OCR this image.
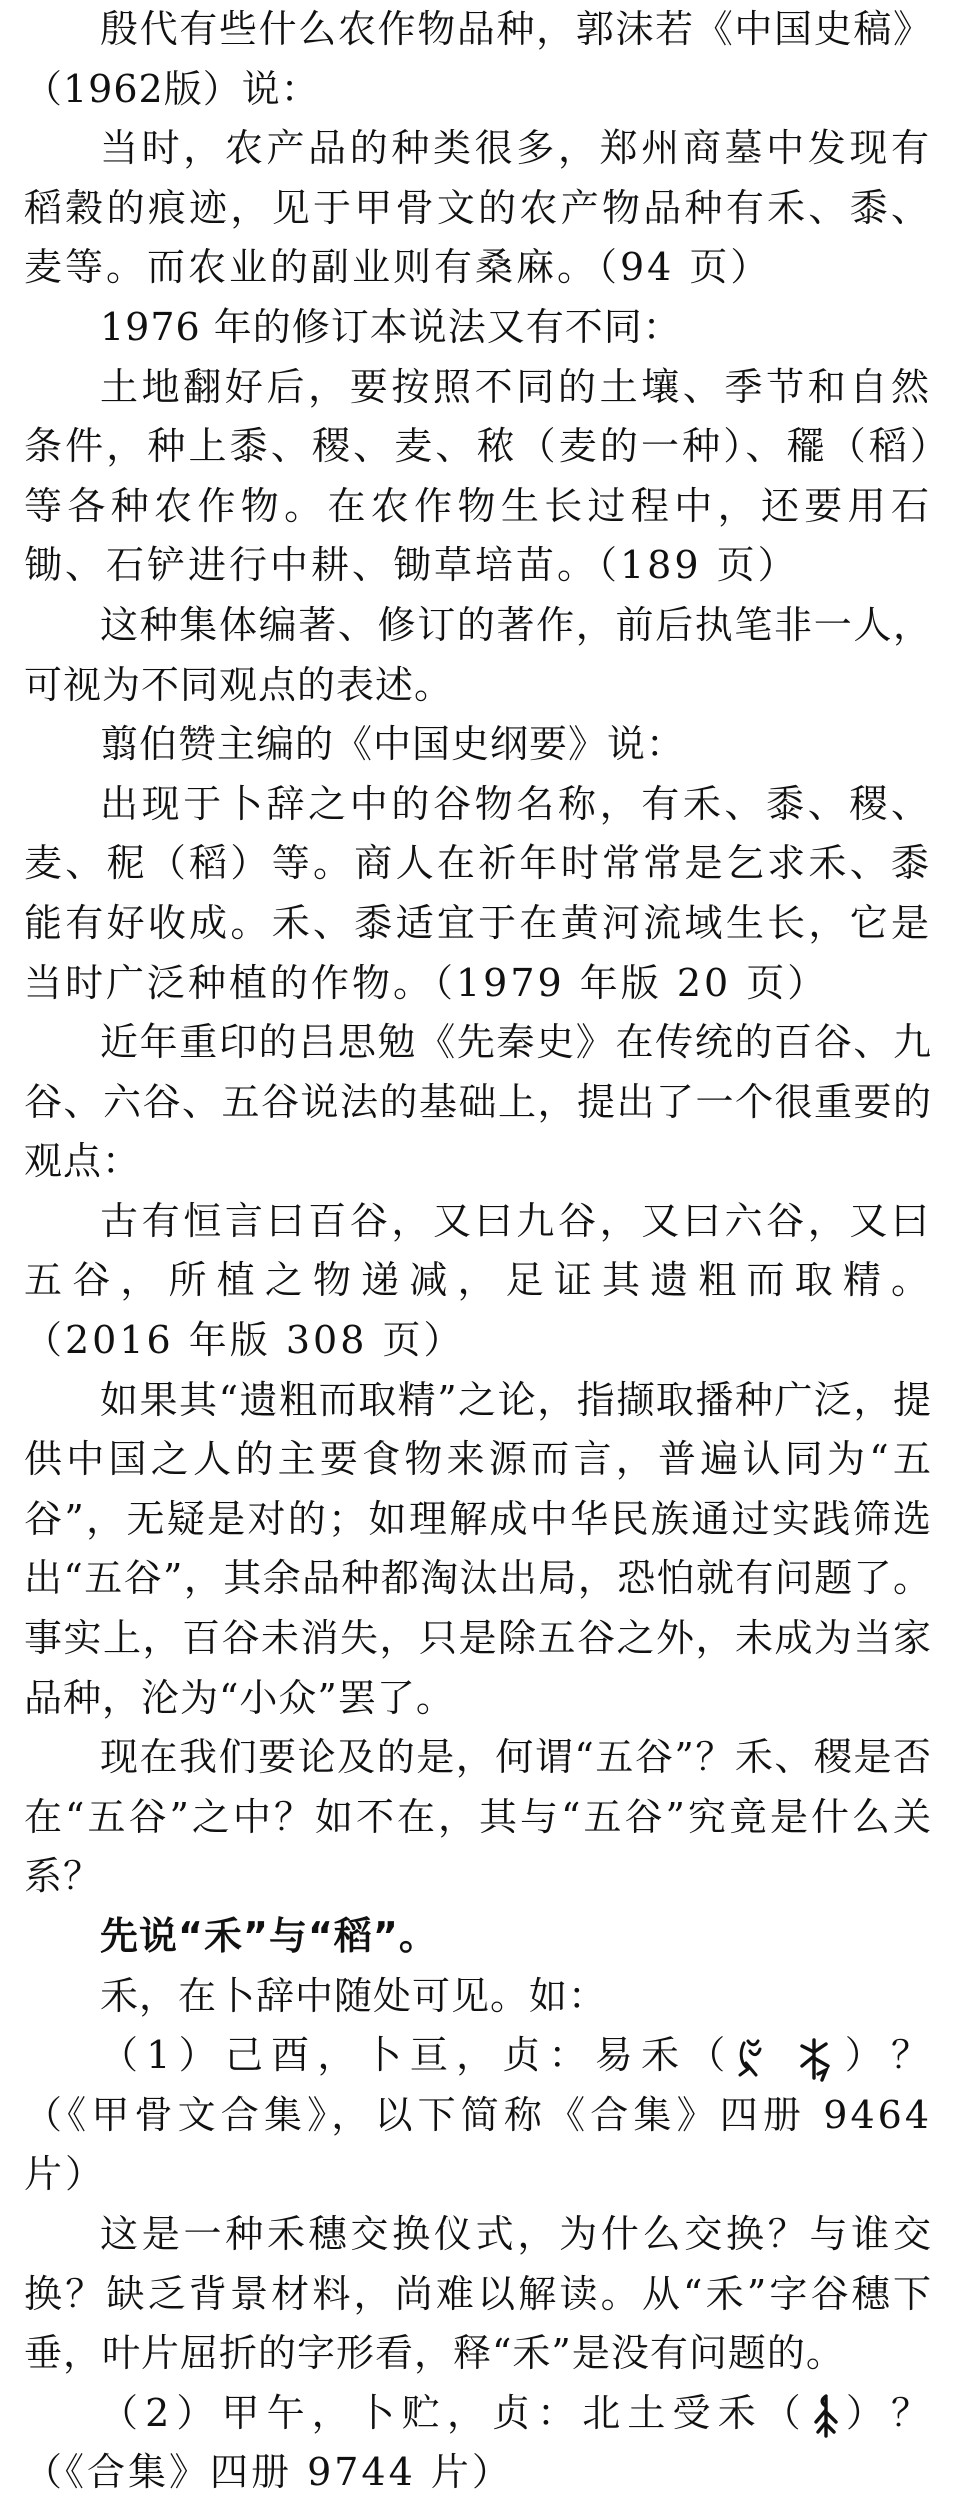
殷代有些什么农作物品种，郭沫若《中国史稿》（1962版）说：

当时，农产品的种类很多，郑州商墓中发现有稻穀的痕迹，见于甲骨文的农产物品种有禾、黍、麦等。而农业的副业则有桑麻。（94 页）

1976 年的修订本说法又有不同：

土地翻好后，要按照不同的土壤、季节和自然条件，种上黍、稷、麦、秾（麦的一种）、䆉（稻）等各种农作物。在农作物生长过程中，还要用石锄、石铲进行中耕、锄草培苗。（189 页）

这种集体编著、修订的著作，前后执笔非一人，可视为不同观点的表述。

翦伯赞主编的《中国史纲要》说：

出现于卜辞之中的谷物名称，有禾、黍、稷、麦、秜（稻）等。商人在祈年时常常是乞求禾、黍能有好收成。禾、黍适宜于在黄河流域生长，它是当时广泛种植的作物。（1979 年版 20 页）

近年重印的吕思勉《先秦史》在传统的百谷、九谷、六谷、五谷说法的基础上，提出了一个很重要的观点：

古有恒言曰百谷，又曰九谷，又曰六谷，又曰五谷，所植之物递减，足证其遗粗而取精。（2016 年版 308 页）

如果其“遗粗而取精”之论，指撷取播种广泛，提供中国之人的主要食物来源而言，普遍认同为“五谷”，无疑是对的；如理解成中华民族通过实践筛选出“五谷”，其余品种都淘汰出局，恐怕就有问题了。事实上，百谷未消失，只是除五谷之外，未成为当家品种，沦为“小众”罢了。

现在我们要论及的是，何谓“五谷”？禾、稷是否在“五谷”之中？如不在，其与“五谷”究竟是什么关系？

先说“禾”与“稻”。

禾，在卜辞中随处可见。如：

（1）己酉，卜亘，贞：易禾（	）？（《甲骨文合集》，以下简称《合集》四册 9464 片）

这是一种禾穗交换仪式，为什么交换？与谁交换？缺乏背景材料，尚难以解读。从“禾”字谷穗下垂，叶片屈折的字形看，释“禾”是没有问题的。

（2）甲午，卜贮，贞：北土受禾（ ）？（《合集》四册 9744 片）
